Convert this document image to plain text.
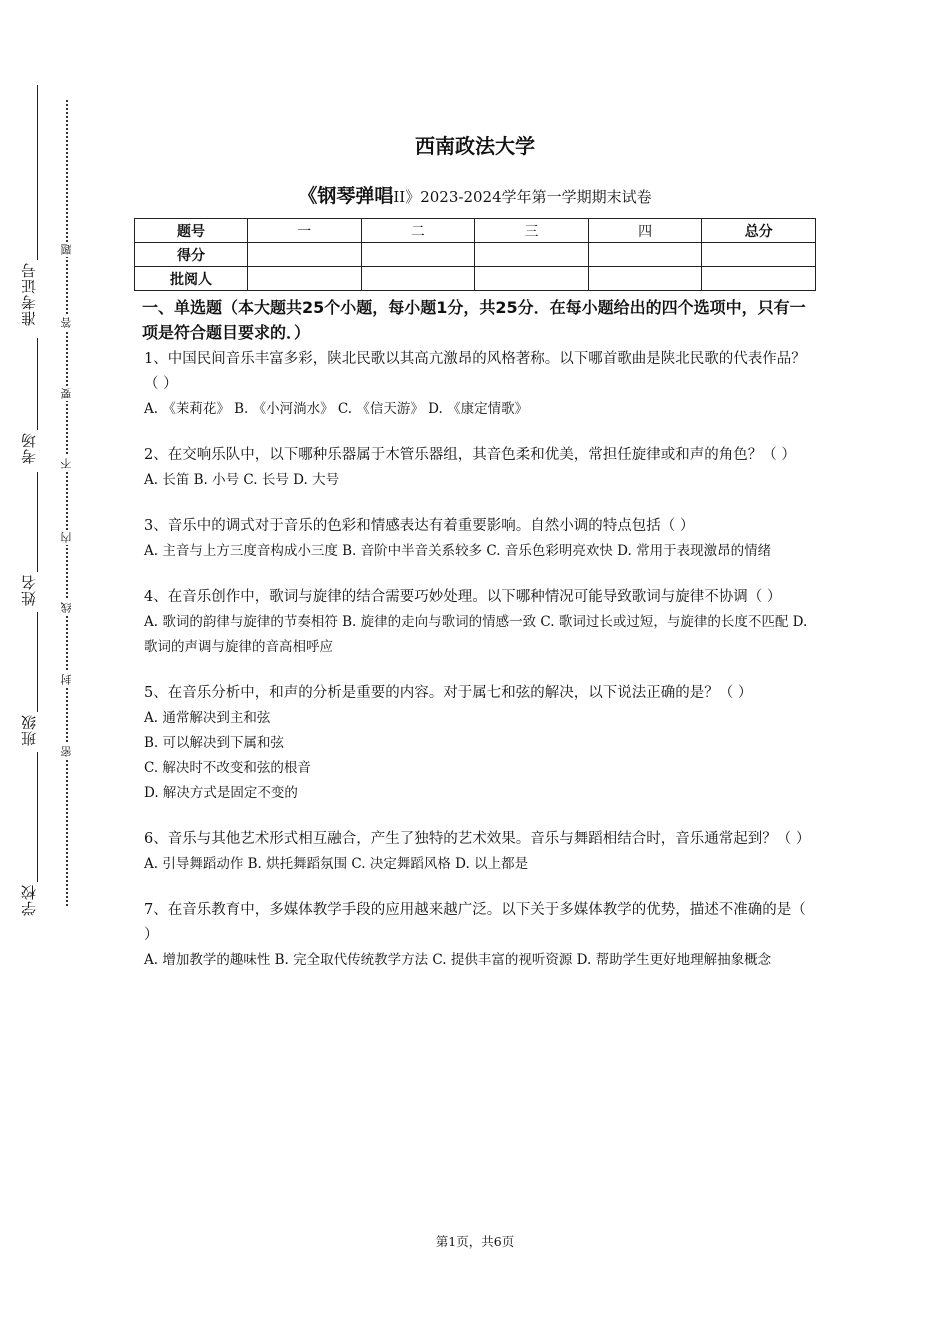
准考证号
考场
姓名
班级
学校
题
答
要
不
内
线
封
密
西南政法大学
《钢琴弹唱II》2023-2024学年第一学期期末试卷
题号	一	二	三	四	总分
得分					
批阅人					
一、单选题（本大题共25个小题，每小题1分，共25分．在每小题给出的四个选项中，只有一项是符合题目要求的．）
1、中国民间音乐丰富多彩，陕北民歌以其高亢激昂的风格著称。以下哪首歌曲是陕北民歌的代表作品？（ ）
A. 《茉莉花》 B. 《小河淌水》 C. 《信天游》 D. 《康定情歌》
2、在交响乐队中，以下哪种乐器属于木管乐器组，其音色柔和优美，常担任旋律或和声的角色？（ ）
A. 长笛 B. 小号 C. 长号 D. 大号
3、音乐中的调式对于音乐的色彩和情感表达有着重要影响。自然小调的特点包括（ ）
A. 主音与上方三度音构成小三度 B. 音阶中半音关系较多 C. 音乐色彩明亮欢快 D. 常用于表现激昂的情绪
4、在音乐创作中，歌词与旋律的结合需要巧妙处理。以下哪种情况可能导致歌词与旋律不协调（ ）
A. 歌词的韵律与旋律的节奏相符 B. 旋律的走向与歌词的情感一致 C. 歌词过长或过短，与旋律的长度不匹配 D. 歌词的声调与旋律的音高相呼应
5、在音乐分析中，和声的分析是重要的内容。对于属七和弦的解决，以下说法正确的是？（ ）
A. 通常解决到主和弦
B. 可以解决到下属和弦
C. 解决时不改变和弦的根音
D. 解决方式是固定不变的
6、音乐与其他艺术形式相互融合，产生了独特的艺术效果。音乐与舞蹈相结合时，音乐通常起到？（ ）
A. 引导舞蹈动作 B. 烘托舞蹈氛围 C. 决定舞蹈风格 D. 以上都是
7、在音乐教育中，多媒体教学手段的应用越来越广泛。以下关于多媒体教学的优势，描述不准确的是（ ）
A. 增加教学的趣味性 B. 完全取代传统教学方法 C. 提供丰富的视听资源 D. 帮助学生更好地理解抽象概念
第1页，共6页
